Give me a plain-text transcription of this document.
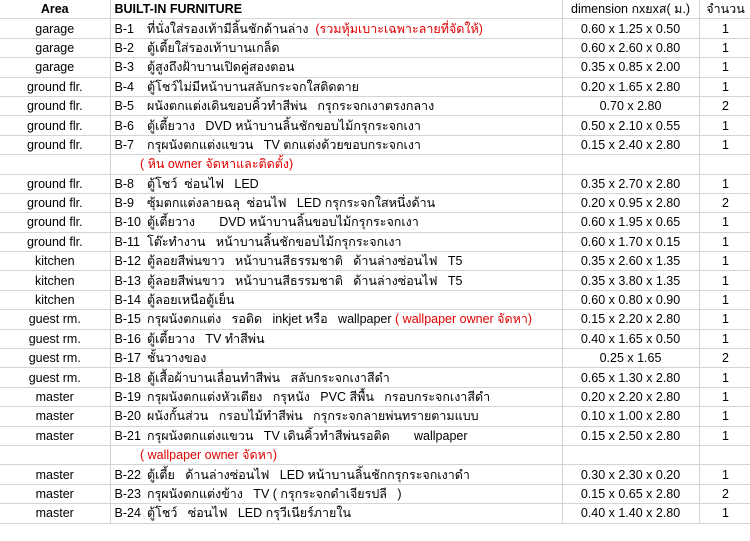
Area	BUILT-IN FURNITURE	dimension กxยxส( ม.)	จำนวน
garage	B-1	ที่นั่งใส่รองเท้ามีลิ้นชักด้านล่าง  (รวมหุ้มเบาะเฉพาะลายที่จัดให้)	0.60 x 1.25 x 0.50	1
garage	B-2	ตู้เตี้ยใส่รองเท้าบานเกล็ด	0.60 x 2.60 x 0.80	1
garage	B-3	ตู้สูงถึงฝ้าบานเปิดคู่สองตอน	0.35 x 0.85 x 2.00	1
ground flr.	B-4	ตู้โชว์ไม่มีหน้าบานสลับกระจกใสติดตาย	0.20 x 1.65 x 2.80	1
ground flr.	B-5	ผนังตกแต่งเดินขอบคิ้วทำสีพ่น   กรุกระจกเงาตรงกลาง	0.70 x 2.80	2
ground flr.	B-6	ตู้เตี้ยวาง   DVD หน้าบานลิ้นชักขอบไม้กรุกระจกเงา	0.50 x 2.10 x 0.55	1
ground flr.	B-7	กรุผนังตกแต่งแขวน   TV ตกแต่งด้วยขอบกระจกเงา	0.15 x 2.40 x 2.80	1
		( หิน owner จัดหาและติดตั้ง)		
ground flr.	B-8	ตู้โชว์  ซ่อนไฟ   LED	0.35 x 2.70 x 2.80	1
ground flr.	B-9	ซุ้มตกแต่งลายฉลุ  ซ่อนไฟ   LED กรุกระจกใสหนึ่งด้าน	0.20 x 0.95 x 2.80	2
ground flr.	B-10	ตู้เตี้ยวาง       DVD หน้าบานลิ้นขอบไม้กรุกระจกเงา	0.60 x 1.95 x 0.65	1
ground flr.	B-11	โต๊ะทำงาน   หน้าบานลิ้นชักขอบไม้กรุกระจกเงา	0.60 x 1.70 x 0.15	1
kitchen	B-12	ตู้ลอยสีพ่นขาว   หน้าบานสีธรรมชาติ   ด้านล่างซ่อนไฟ   T5	0.35 x 2.60 x 1.35	1
kitchen	B-13	ตู้ลอยสีพ่นขาว   หน้าบานสีธรรมชาติ   ด้านล่างซ่อนไฟ   T5	0.35 x 3.80 x 1.35	1
kitchen	B-14	ตู้ลอยเหนือตู้เย็น	0.60 x 0.80 x 0.90	1
guest rm.	B-15	กรุผนังตกแต่ง   รอติด   inkjet หรือ   wallpaper ( wallpaper owner จัดหา)	0.15 x 2.20 x 2.80	1
guest rm.	B-16	ตู้เตี้ยวาง   TV ทำสีพ่น	0.40 x 1.65 x 0.50	1
guest rm.	B-17	ชั้นวางของ	0.25 x 1.65	2
guest rm.	B-18	ตู้เสื้อผ้าบานเลื่อนทำสีพ่น   สลับกระจกเงาสีดำ	0.65 x 1.30 x 2.80	1
master	B-19	กรุผนังตกแต่งหัวเตียง   กรุหนัง   PVC สีพื้น   กรอบกระจกเงาสีดำ	0.20 x 2.20 x 2.80	1
master	B-20	ผนังกั้นส่วน   กรอบไม้ทำสีพ่น   กรุกระจกลายพ่นทรายตามแบบ	0.10 x 1.00 x 2.80	1
master	B-21	กรุผนังตกแต่งแขวน   TV เดินคิ้วทำสีพ่นรอติด       wallpaper	0.15 x 2.50 x 2.80	1
		( wallpaper owner จัดหา)		
master	B-22	ตู้เตี้ย   ด้านล่างซ่อนไฟ   LED หน้าบานลิ้นชักกรุกระจกเงาดำ	0.30 x 2.30 x 0.20	1
master	B-23	กรุผนังตกแต่งข้าง   TV ( กรุกระจกดำเจียรปลี   )	0.15 x 0.65 x 2.80	2
master	B-24	ตู้โชว์   ซ่อนไฟ   LED กรุวีเนียร์ภายใน	0.40 x 1.40 x 2.80	1
